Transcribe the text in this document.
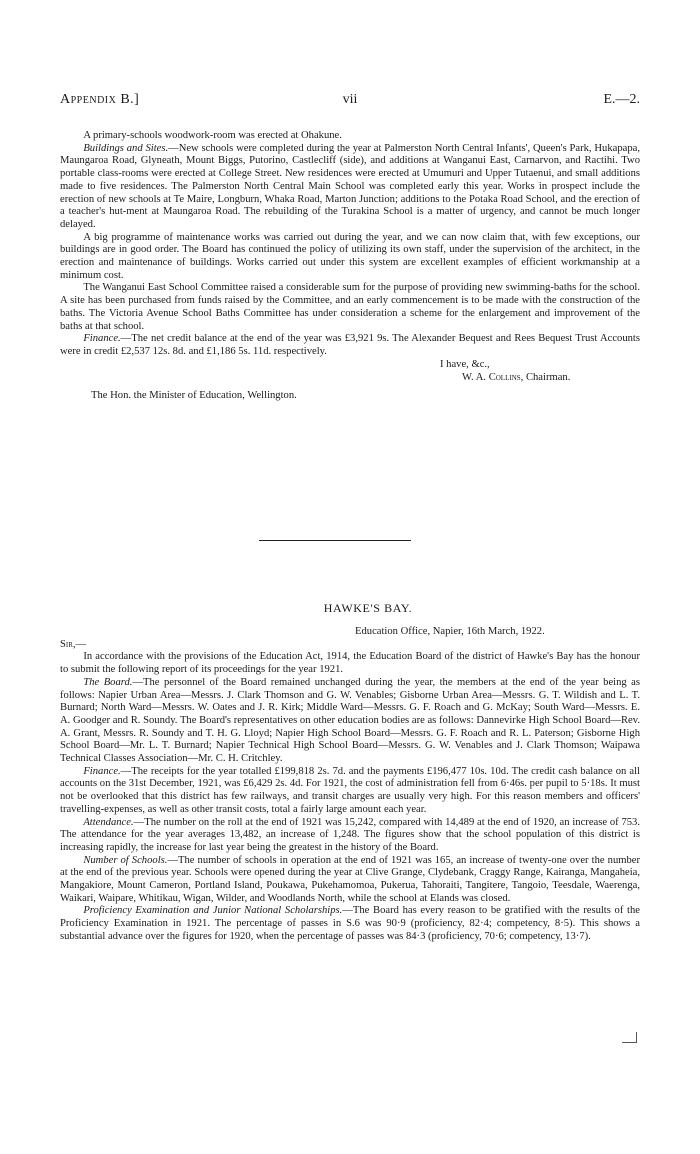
Appendix B.]	vii	E.—2.

A primary-schools woodwork-room was erected at Ohakune.

Buildings and Sites.—New schools were completed during the year at Palmerston North Central Infants', Queen's Park, Hukapapa, Maungaroa Road, Glyneath, Mount Biggs, Putorino, Castlecliff (side), and additions at Wanganui East, Carnarvon, and Ractihi. Two portable class-rooms were erected at College Street. New residences were erected at Umumuri and Upper Tutaenui, and small additions made to five residences. The Palmerston North Central Main School was completed early this year. Works in prospect include the erection of new schools at Te Maire, Longburn, Whaka Road, Marton Junction; additions to the Potaka Road School, and the erection of a teacher's hut-ment at Maungaroa Road. The rebuilding of the Turakina School is a matter of urgency, and cannot be much longer delayed.

A big programme of maintenance works was carried out during the year, and we can now claim that, with few exceptions, our buildings are in good order. The Board has continued the policy of utilizing its own staff, under the supervision of the architect, in the erection and maintenance of buildings. Works carried out under this system are excellent examples of efficient workmanship at a minimum cost.

The Wanganui East School Committee raised a considerable sum for the purpose of providing new swimming-baths for the school. A site has been purchased from funds raised by the Committee, and an early commencement is to be made with the construction of the baths. The Victoria Avenue School Baths Committee has under consideration a scheme for the enlargement and improvement of the baths at that school.

Finance.—The net credit balance at the end of the year was £3,921 9s. The Alexander Bequest and Rees Bequest Trust Accounts were in credit £2,537 12s. 8d. and £1,186 5s. 11d. respectively.

I have, &c.,
W. A. Collins, Chairman.
The Hon. the Minister of Education, Wellington.
HAWKE'S BAY.
Education Office, Napier, 16th March, 1922.
Sir,—

In accordance with the provisions of the Education Act, 1914, the Education Board of the district of Hawke's Bay has the honour to submit the following report of its proceedings for the year 1921.

The Board.—The personnel of the Board remained unchanged during the year, the members at the end of the year being as follows: Napier Urban Area—Messrs. J. Clark Thomson and G. W. Venables; Gisborne Urban Area—Messrs. G. T. Wildish and L. T. Burnard; North Ward—Messrs. W. Oates and J. R. Kirk; Middle Ward—Messrs. G. F. Roach and G. McKay; South Ward—Messrs. E. A. Goodger and R. Soundy. The Board's representatives on other education bodies are as follows: Dannevirke High School Board—Rev. A. Grant, Messrs. R. Soundy and T. H. G. Lloyd; Napier High School Board—Messrs. G. F. Roach and R. L. Paterson; Gisborne High School Board—Mr. L. T. Burnard; Napier Technical High School Board—Messrs. G. W. Venables and J. Clark Thomson; Waipawa Technical Classes Association—Mr. C. H. Critchley.

Finance.—The receipts for the year totalled £199,818 2s. 7d. and the payments £196,477 10s. 10d. The credit cash balance on all accounts on the 31st December, 1921, was £6,429 2s. 4d. For 1921, the cost of administration fell from 6·46s. per pupil to 5·18s. It must not be overlooked that this district has few railways, and transit charges are usually very high. For this reason members and officers' travelling-expenses, as well as other transit costs, total a fairly large amount each year.

Attendance.—The number on the roll at the end of 1921 was 15,242, compared with 14,489 at the end of 1920, an increase of 753. The attendance for the year averages 13,482, an increase of 1,248. The figures show that the school population of this district is increasing rapidly, the increase for last year being the greatest in the history of the Board.

Number of Schools.—The number of schools in operation at the end of 1921 was 165, an increase of twenty-one over the number at the end of the previous year. Schools were opened during the year at Clive Grange, Clydebank, Craggy Range, Kairanga, Mangaheia, Mangakiore, Mount Cameron, Portland Island, Poukawa, Pukehamomoa, Pukerua, Tahoraiti, Tangitere, Tangoio, Teesdale, Waerenga, Waikari, Waipare, Whitikau, Wigan, Wilder, and Woodlands North, while the school at Elands was closed.

Proficiency Examination and Junior National Scholarships.—The Board has every reason to be gratified with the results of the Proficiency Examination in 1921. The percentage of passes in S.6 was 90·9 (proficiency, 82·4; competency, 8·5). This shows a substantial advance over the figures for 1920, when the percentage of passes was 84·3 (proficiency, 70·6; competency, 13·7).
